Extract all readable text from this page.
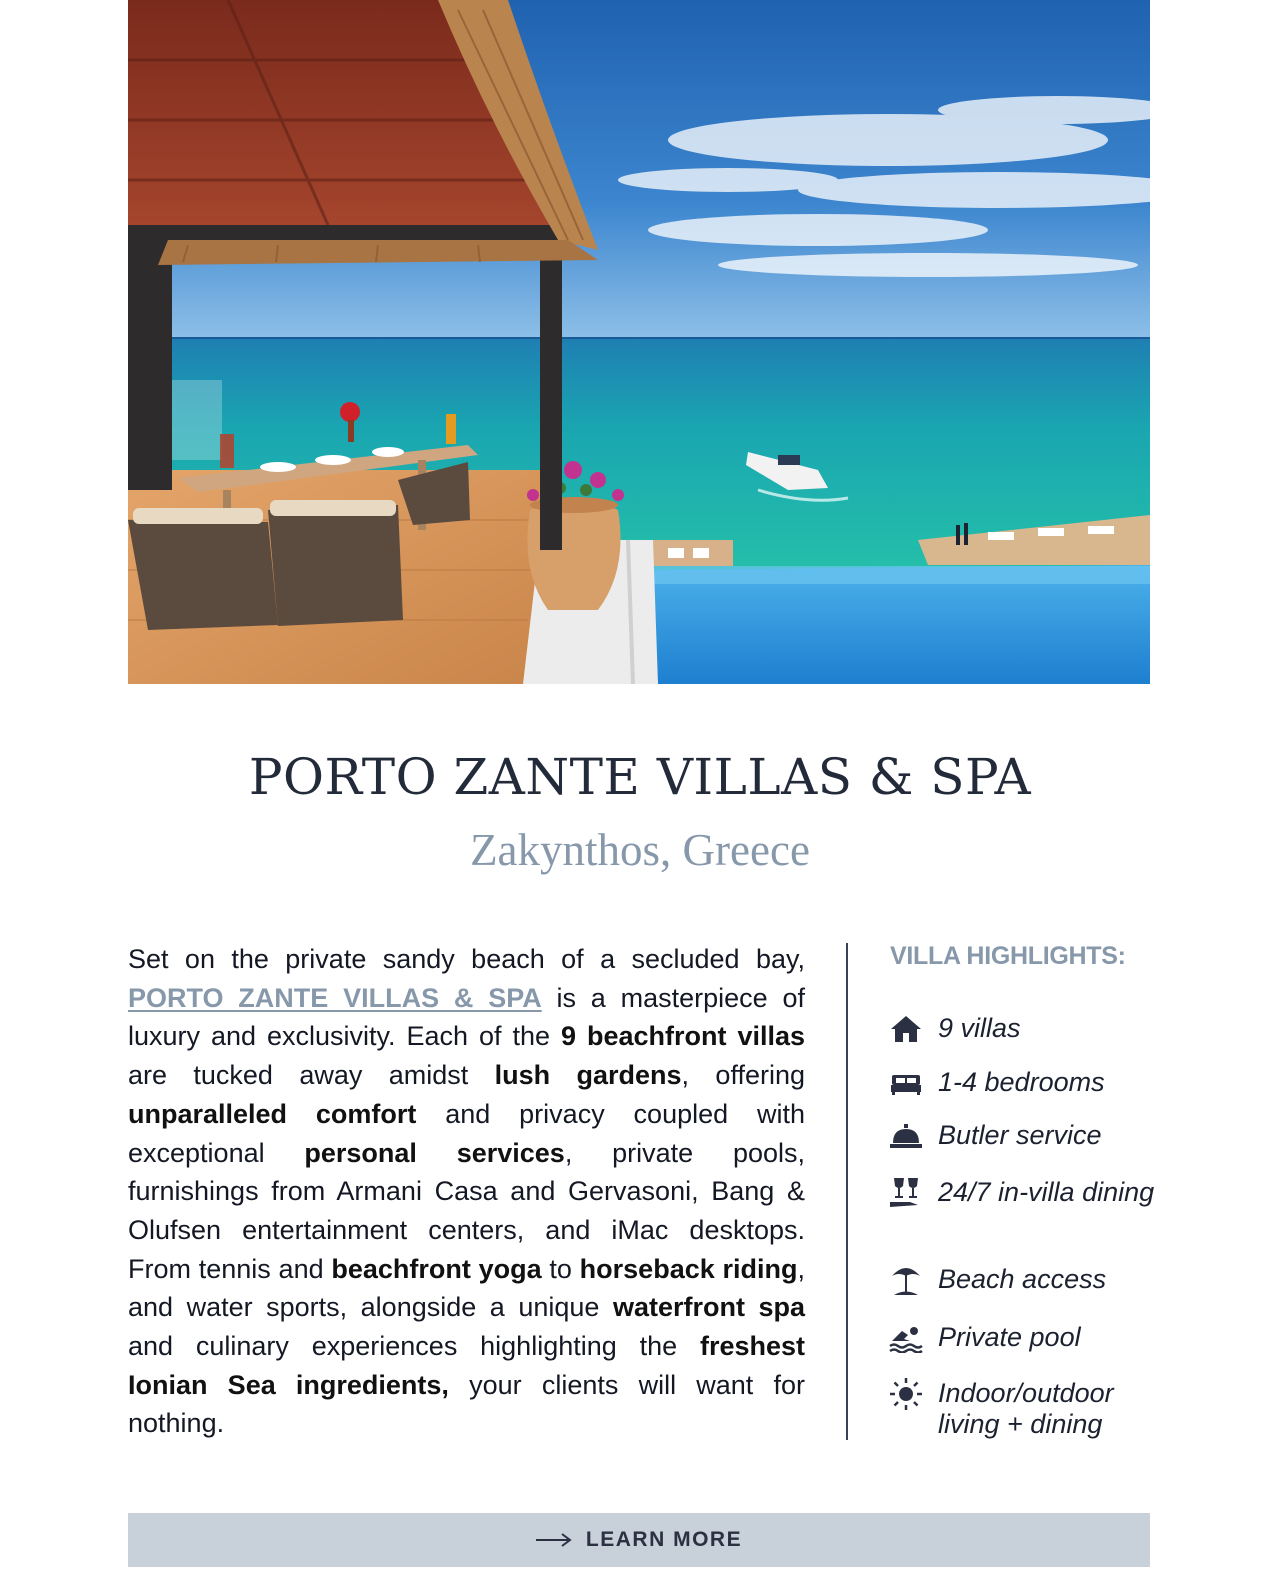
PORTO ZANTE VILLAS & SPA
Zakynthos, Greece

Set on the private sandy beach of a secluded bay, PORTO ZANTE VILLAS & SPA is a masterpiece of luxury and exclusivity. Each of the 9 beachfront villas are tucked away amidst lush gardens, offering unparalleled comfort and privacy coupled with exceptional personal services, private pools, furnishings from Armani Casa and Gervasoni, Bang & Olufsen entertainment centers, and iMac desktops. From tennis and beachfront yoga to horseback riding, and water sports, alongside a unique waterfront spa and culinary experiences highlighting the freshest Ionian Sea ingredients, your clients will want for nothing.

VILLA HIGHLIGHTS:
9 villas
1-4 bedrooms
Butler service
24/7 in-villa dining
Beach access
Private pool
Indoor/outdoor living + dining
LEARN MORE
